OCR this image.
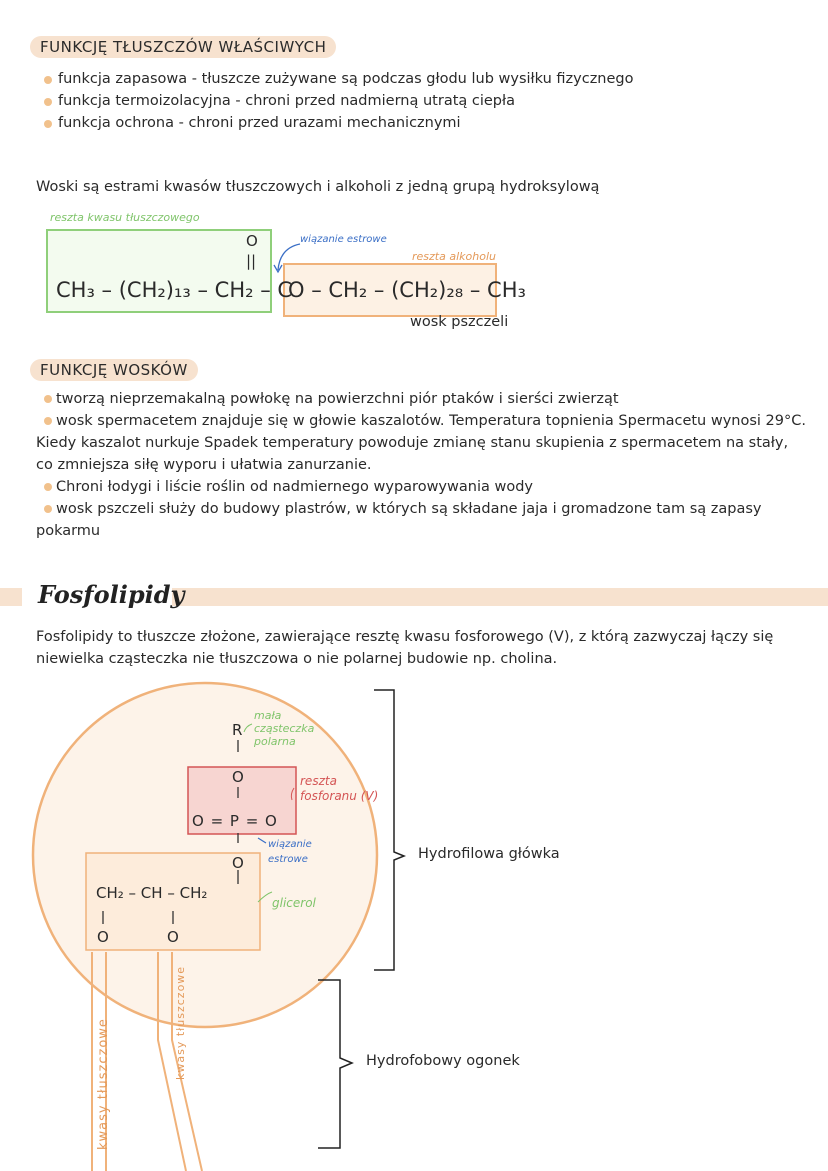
FUNKCJĘ TŁUSZCZÓW WŁAŚCIWYCH
funkcja zapasowa - tłuszcze zużywane są podczas głodu lub wysiłku fizycznego
funkcja termoizolacyjna - chroni przed nadmierną utratą ciepła
funkcja ochrona - chroni przed urazami mechanicznymi
Woski są estrami kwasów tłuszczowych i alkoholi z jedną grupą hydroksylową
reszta kwasu tłuszczowego
O
||
wiązanie estrowe
reszta alkoholu
CH₃ – (CH₂)₁₃ – CH₂ – C
O – CH₂ – (CH₂)₂₈ – CH₃
wosk pszczeli
FUNKCJĘ WOSKÓW
tworzą nieprzemakalną powłokę na powierzchni piór ptaków i sierści zwierząt
wosk spermacetem znajduje się w głowie kaszalotów. Temperatura topnienia Spermacetu wynosi 29°C. Kiedy kaszalot nurkuje Spadek temperatury powoduje zmianę stanu skupienia z spermacetem na stały, co zmniejsza siłę wyporu i ułatwia zanurzanie.
Chroni łodygi i liście roślin od nadmiernego wyparowywania wody
wosk pszczeli służy do budowy plastrów, w których są składane jaja i gromadzone tam są zapasy pokarmu
Fosfolipidy
Fosfolipidy to tłuszcze złożone, zawierające resztę kwasu fosforowego (V), z którą zazwyczaj łączy się niewielka cząsteczka nie tłuszczowa o nie polarnej budowie np. cholina.
R
mała cząsteczka polarna
O
O = P = O
reszta fosforanu (V)
wiązanie estrowe
O
CH₂ – CH – CH₂
glicerol
O	O
kwasy tłuszczowe	kwasy tłuszczowe
Hydrofilowa główka
Hydrofobowy ogonek
